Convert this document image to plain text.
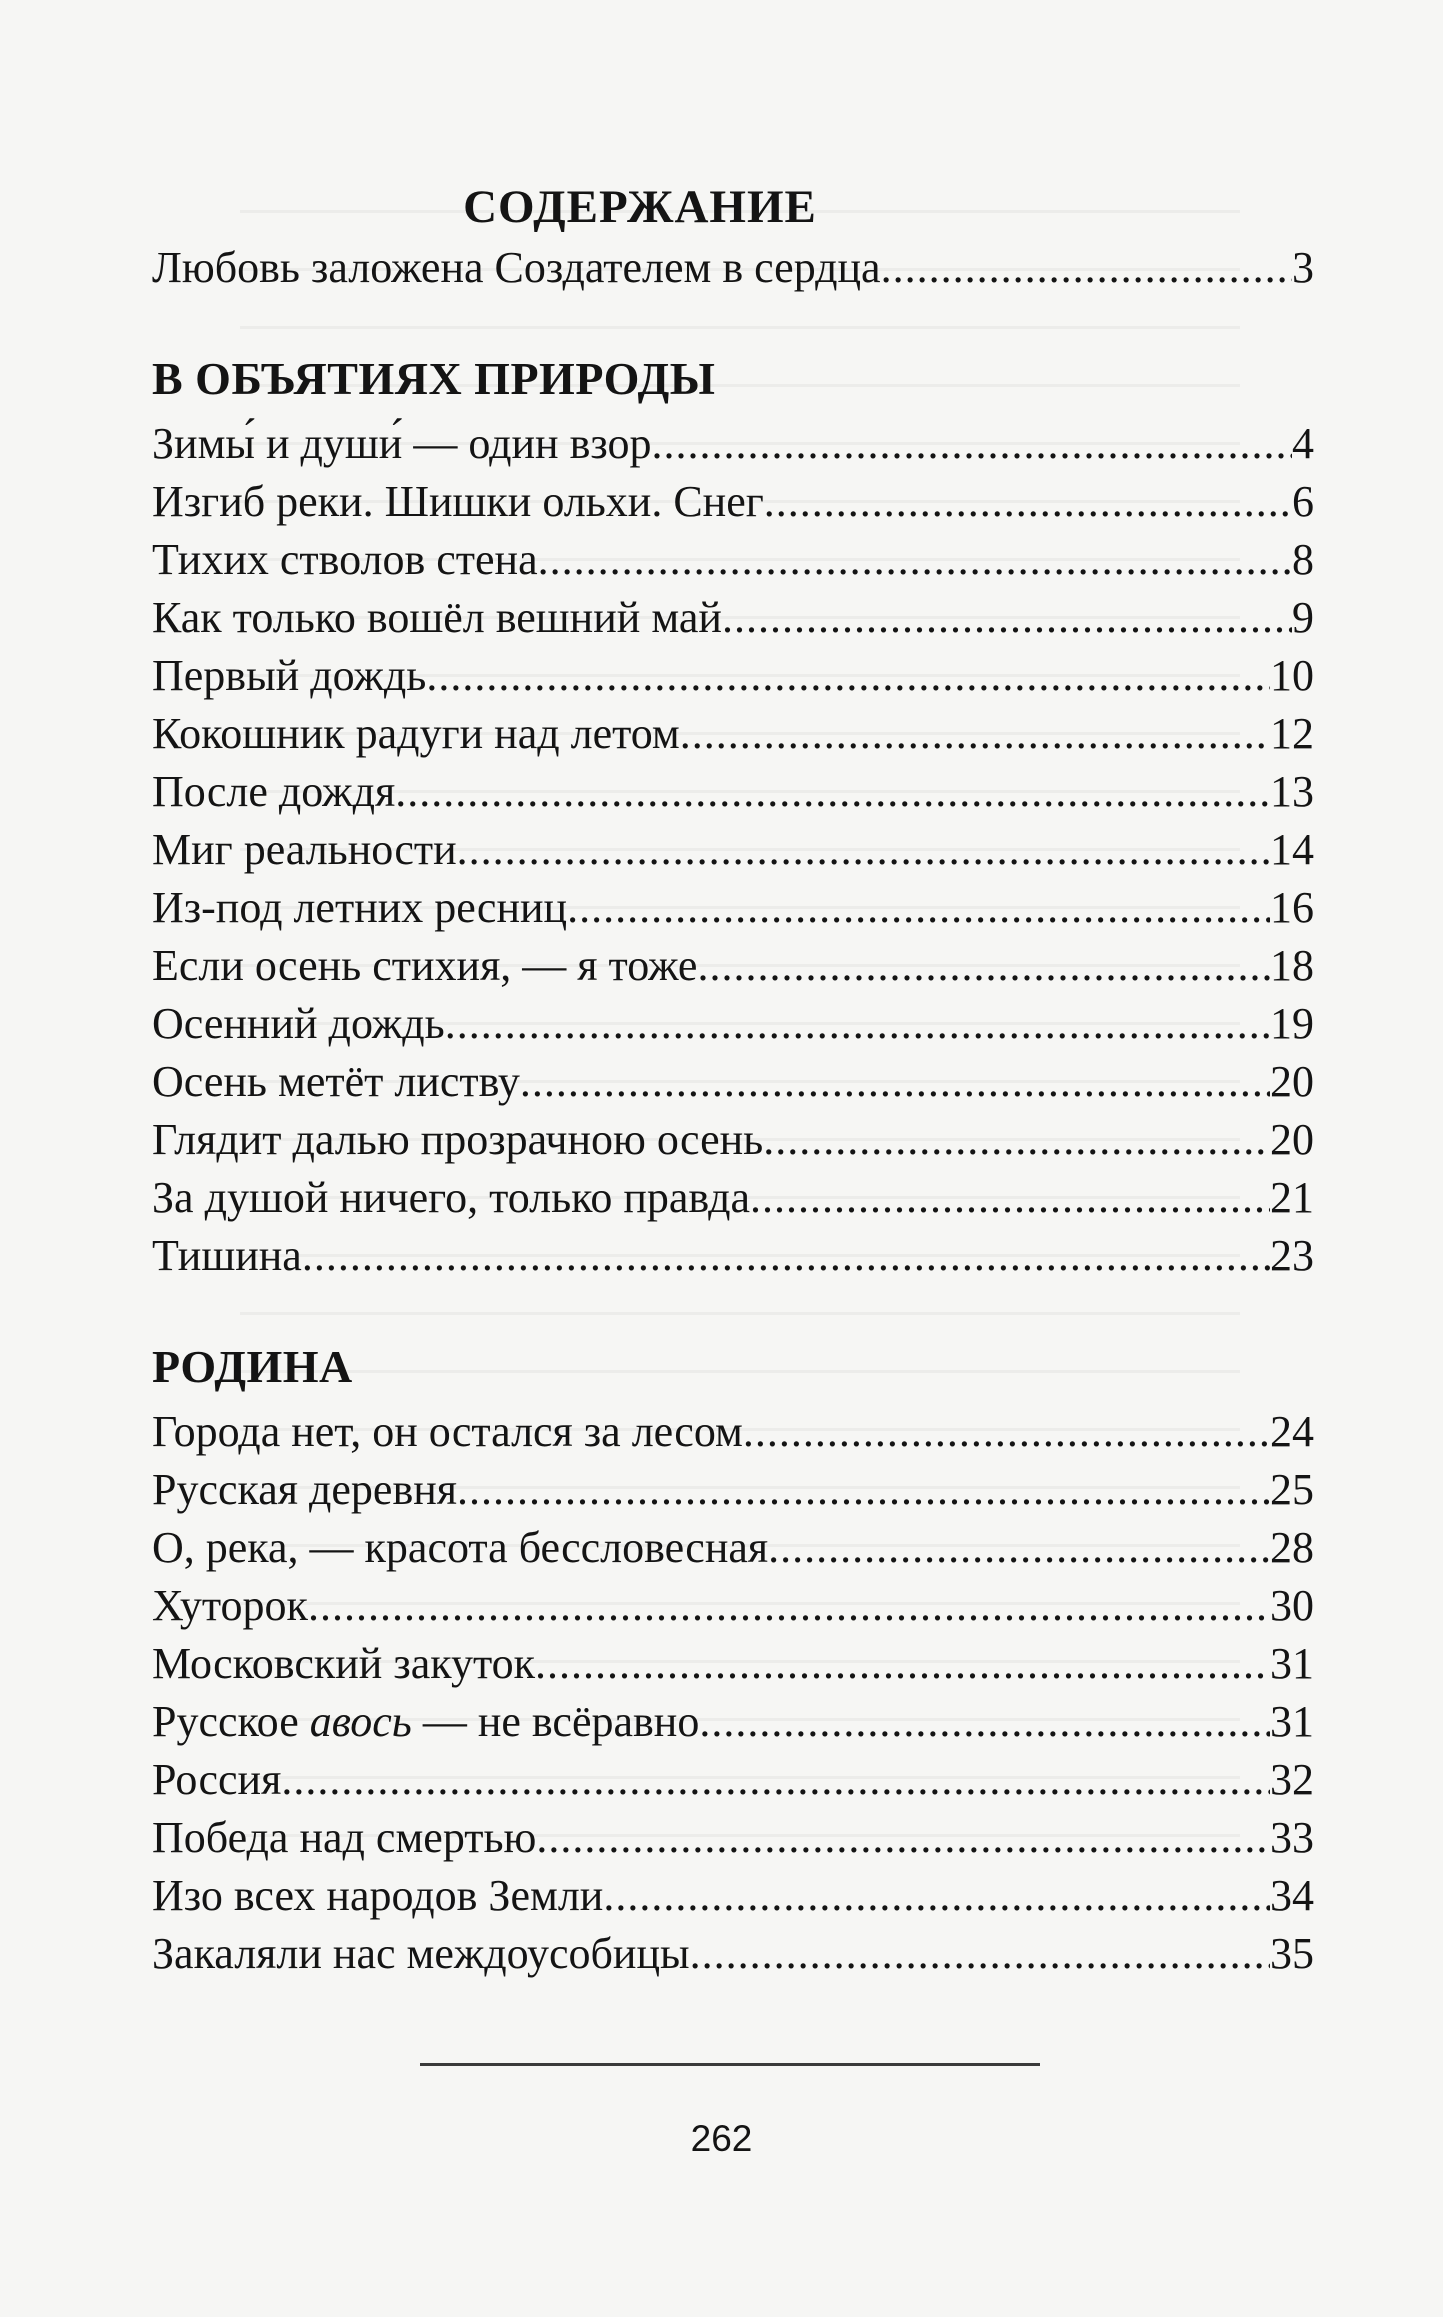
СОДЕРЖАНИЕ
Любовь заложена Создателем в сердца .....	3
В ОБЪЯТИЯХ ПРИРОДЫ
Зимы́ и души́ — один взор .....	4
Изгиб реки. Шишки ольхи. Снег .....	6
Тихих стволов стена .....	8
Как только вошёл вешний май .....	9
Первый дождь .....	10
Кокошник радуги над летом .....	12
После дождя .....	13
Миг реальности .....	14
Из-под летних ресниц .....	16
Если осень стихия, — я тоже .....	18
Осенний дождь .....	19
Осень метёт листву .....	20
Глядит далью прозрачною осень .....	20
За душой ничего, только правда .....	21
Тишина .....	23
РОДИНА
Города нет, он остался за лесом .....	24
Русская деревня .....	25
О, река, — красота бессловесная .....	28
Хуторок .....	30
Московский закуток .....	31
Русское авось — не всёравно .....	31
Россия .....	32
Победа над смертью .....	33
Изо всех народов Земли .....	34
Закаляли нас междоусобицы .....	35
262
